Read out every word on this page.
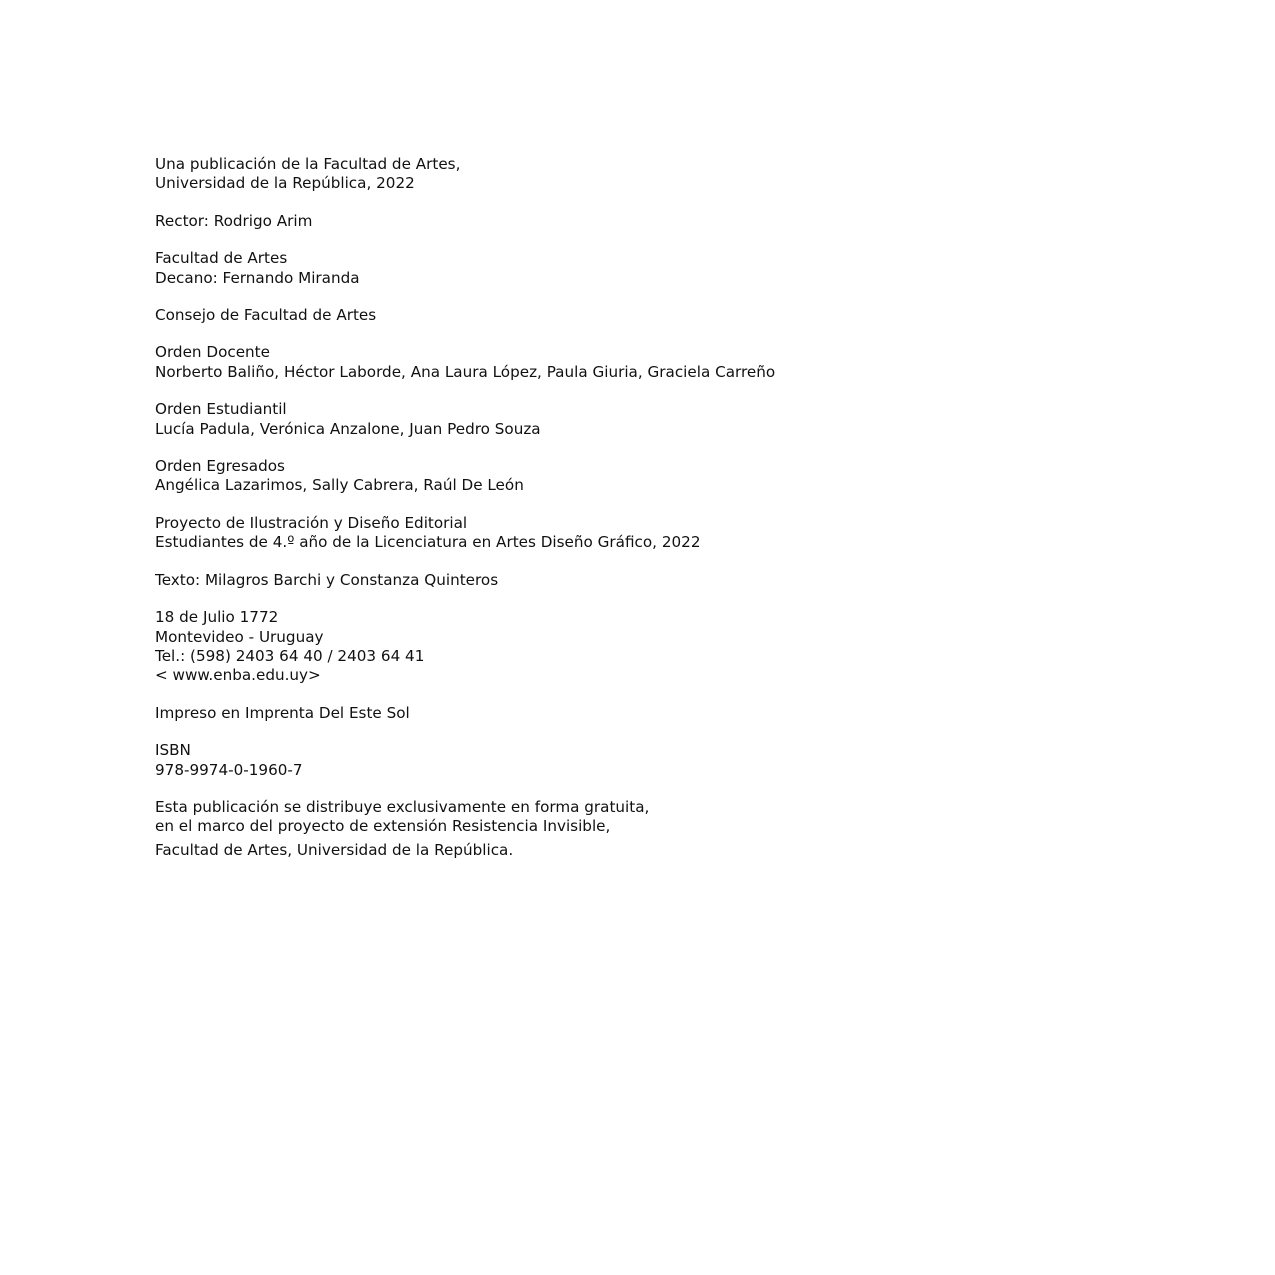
Una publicación de la Facultad de Artes,
Universidad de la República, 2022
Rector: Rodrigo Arim
Facultad de Artes
Decano: Fernando Miranda
Consejo de Facultad de Artes
Orden Docente
Norberto Baliño, Héctor Laborde, Ana Laura López, Paula Giuria, Graciela Carreño
Orden Estudiantil
Lucía Padula, Verónica Anzalone, Juan Pedro Souza
Orden Egresados
Angélica Lazarimos, Sally Cabrera, Raúl De León
Proyecto de Ilustración y Diseño Editorial
Estudiantes de 4.º año de la Licenciatura en Artes Diseño Gráfico, 2022
Texto: Milagros Barchi y Constanza Quinteros
18 de Julio 1772
Montevideo - Uruguay
Tel.: (598) 2403 64 40 / 2403 64 41
< www.enba.edu.uy>
Impreso en Imprenta Del Este Sol
ISBN
978-9974-0-1960-7
Esta publicación se distribuye exclusivamente en forma gratuita,
en el marco del proyecto de extensión Resistencia Invisible,
Facultad de Artes, Universidad de la República.
